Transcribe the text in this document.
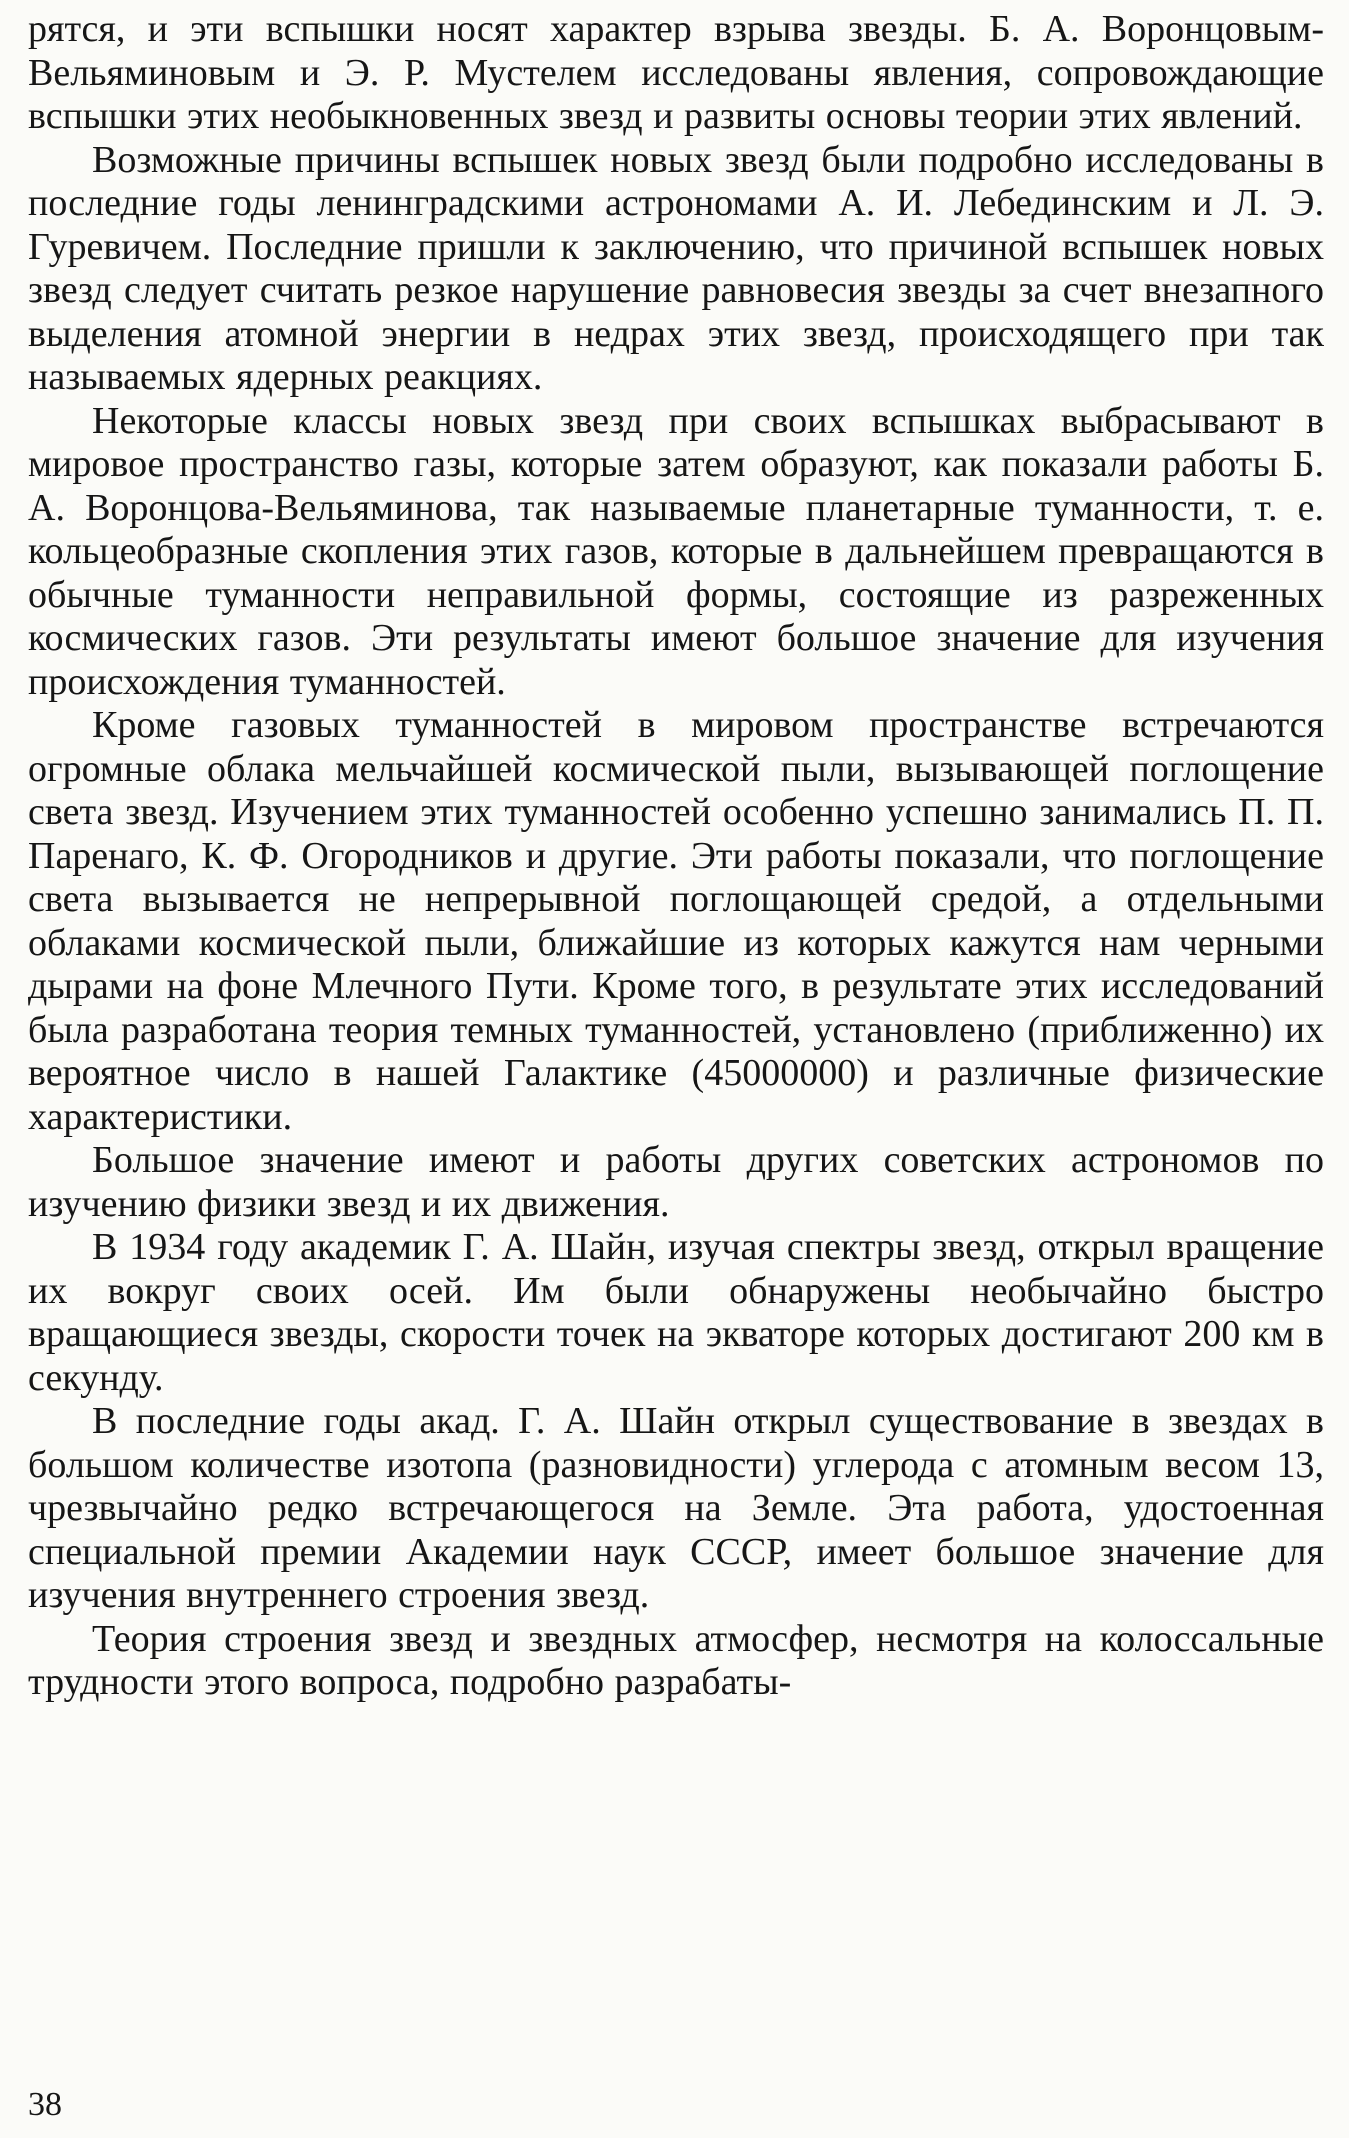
рятся, и эти вспышки носят характер взрыва звезды. Б. А. Воронцовым-Вельяминовым и Э. Р. Мустелем исследованы явления, сопровождающие вспышки этих необыкновенных звезд и развиты основы теории этих явлений.

Возможные причины вспышек новых звезд были подробно исследованы в последние годы ленинградскими астрономами А. И. Лебединским и Л. Э. Гуревичем. Последние пришли к заключению, что причиной вспышек новых звезд следует считать резкое нарушение равновесия звезды за счет внезапного выделения атомной энергии в недрах этих звезд, происходящего при так называемых ядерных реакциях.

Некоторые классы новых звезд при своих вспышках выбрасывают в мировое пространство газы, которые затем образуют, как показали работы Б. А. Воронцова-Вельяминова, так называемые планетарные туманности, т. е. кольцеобразные скопления этих газов, которые в дальнейшем превращаются в обычные туманности неправильной формы, состоящие из разреженных космических газов. Эти результаты имеют большое значение для изучения происхождения туманностей.

Кроме газовых туманностей в мировом пространстве встречаются огромные облака мельчайшей космической пыли, вызывающей поглощение света звезд. Изучением этих туманностей особенно успешно занимались П. П. Паренаго, К. Ф. Огородников и другие. Эти работы показали, что поглощение света вызывается не непрерывной поглощающей средой, а отдельными облаками космической пыли, ближайшие из которых кажутся нам черными дырами на фоне Млечного Пути. Кроме того, в результате этих исследований была разработана теория темных туманностей, установлено (приближенно) их вероятное число в нашей Галактике (45000000) и различные физические характеристики.

Большое значение имеют и работы других советских астрономов по изучению физики звезд и их движения.

В 1934 году академик Г. А. Шайн, изучая спектры звезд, открыл вращение их вокруг своих осей. Им были обнаружены необычайно быстро вращающиеся звезды, скорости точек на экваторе которых достигают 200 км в секунду.

В последние годы акад. Г. А. Шайн открыл существование в звездах в большом количестве изотопа (разновидности) углерода с атомным весом 13, чрезвычайно редко встречающегося на Земле. Эта работа, удостоенная специальной премии Академии наук СССР, имеет большое значение для изучения внутреннего строения звезд.

Теория строения звезд и звездных атмосфер, несмотря на колоссальные трудности этого вопроса, подробно разрабаты-

38
